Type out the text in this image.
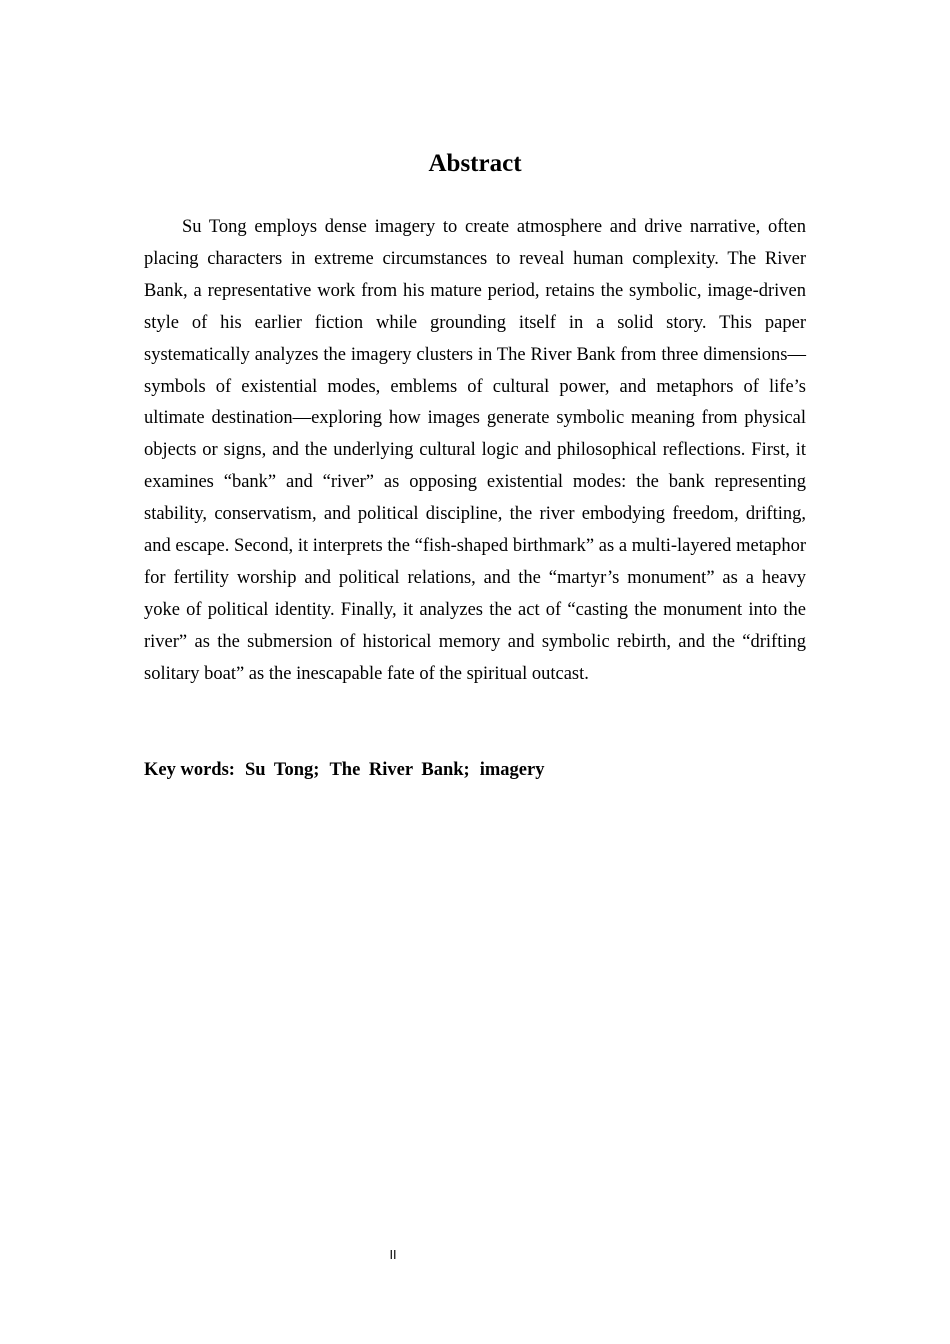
Abstract

Su Tong employs dense imagery to create atmosphere and drive narrative, often placing characters in extreme circumstances to reveal human complexity. The River Bank, a representative work from his mature period, retains the symbolic, image-driven style of his earlier fiction while grounding itself in a solid story. This paper systematically analyzes the imagery clusters in The River Bank from three dimensions—symbols of existential modes, emblems of cultural power, and metaphors of life’s ultimate destination—exploring how images generate symbolic meaning from physical objects or signs, and the underlying cultural logic and philosophical reflections. First, it examines “bank” and “river” as opposing existential modes: the bank representing stability, conservatism, and political discipline, the river embodying freedom, drifting, and escape. Second, it interprets the “fish-shaped birthmark” as a multi-layered metaphor for fertility worship and political relations, and the “martyr’s monument” as a heavy yoke of political identity. Finally, it analyzes the act of “casting the monument into the river” as the submersion of historical memory and symbolic rebirth, and the “drifting solitary boat” as the inescapable fate of the spiritual outcast.

Key words: Su Tong; The River Bank; imagery

II
